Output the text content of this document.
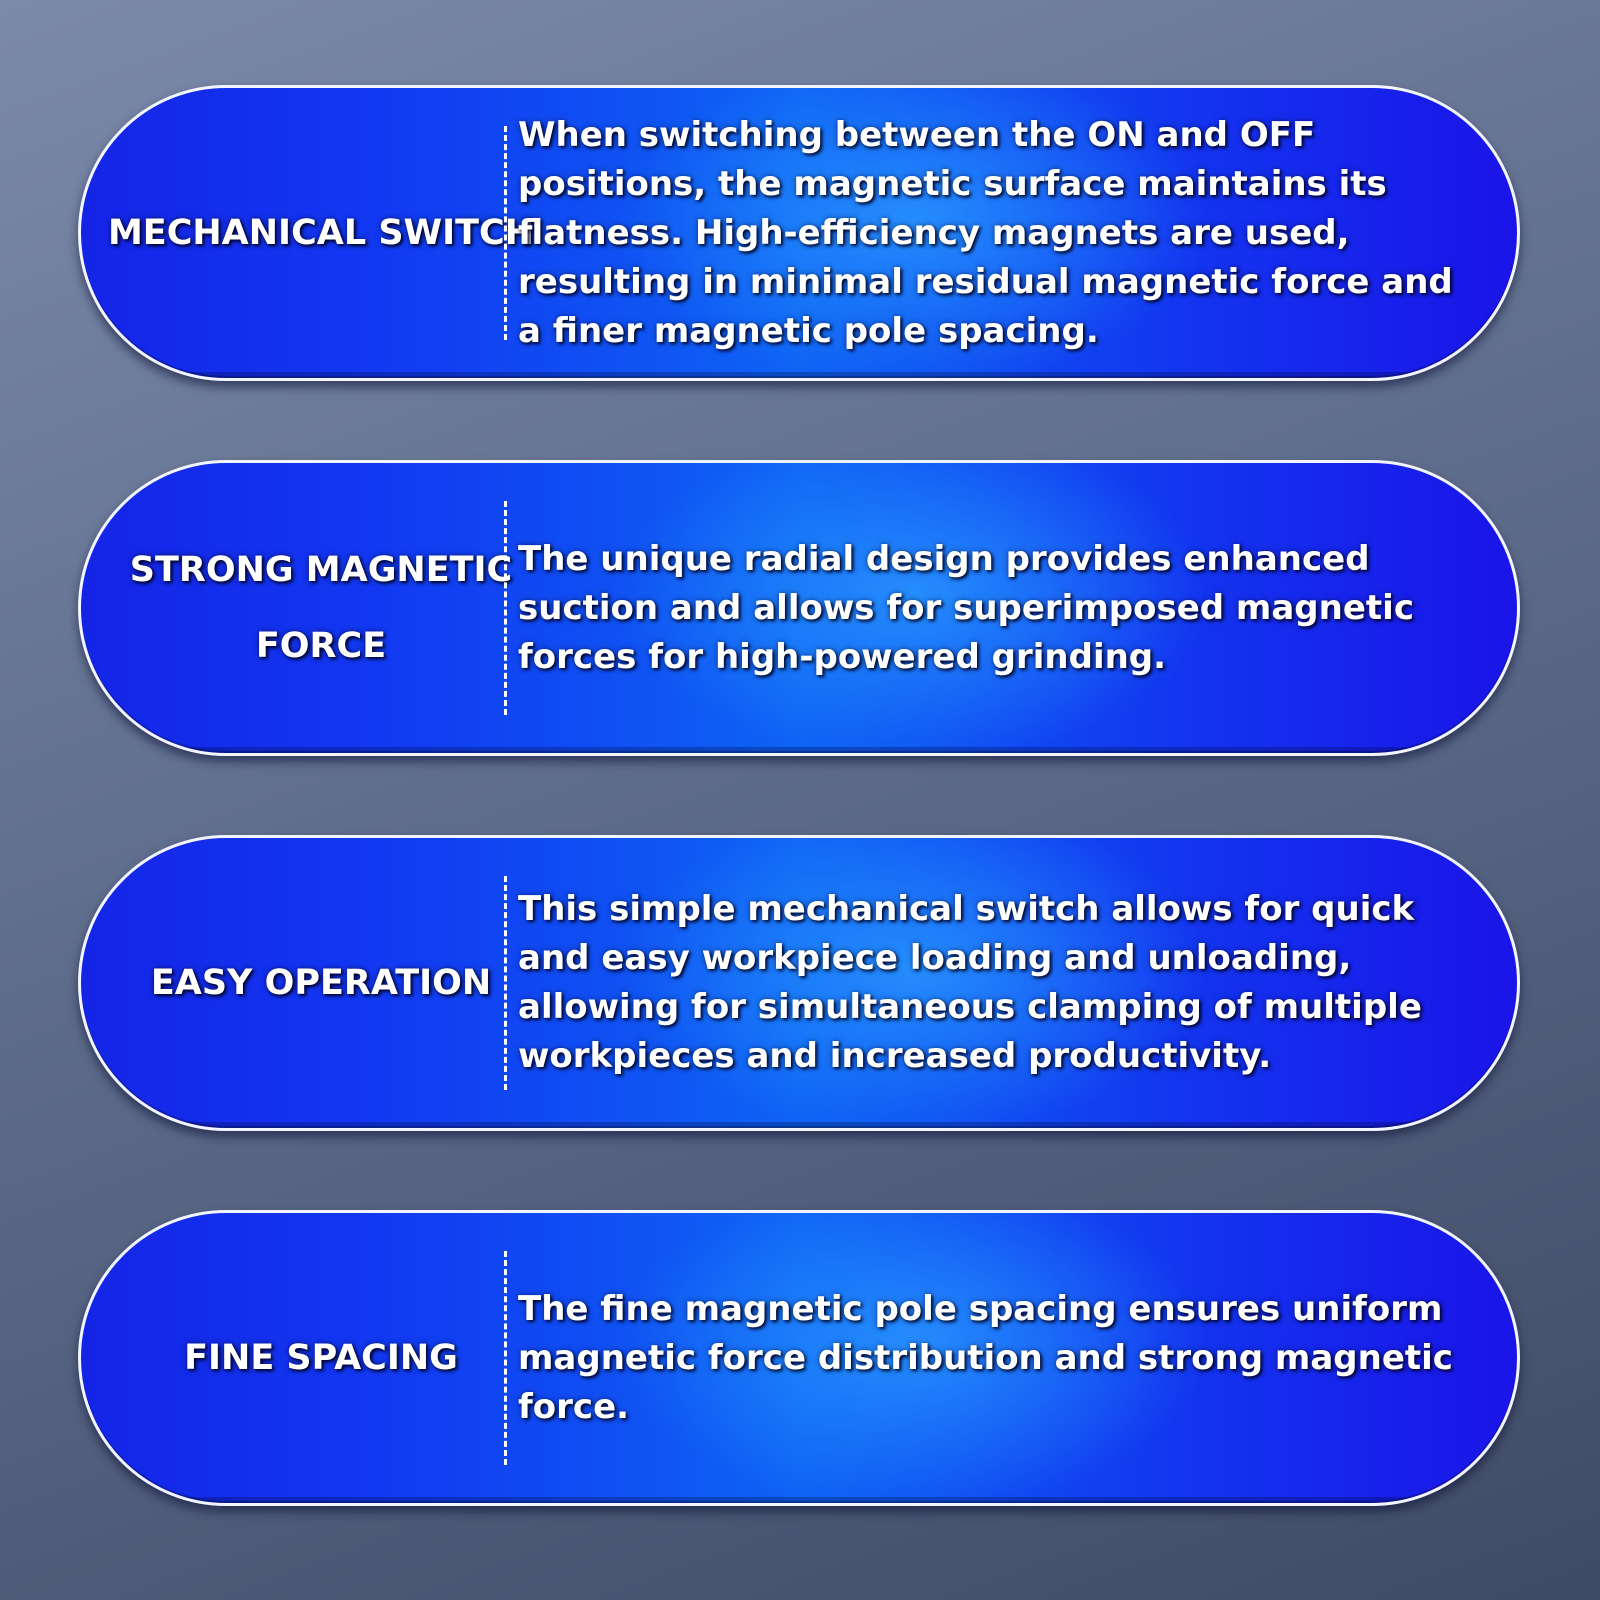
MECHANICAL SWITCH
When switching between the ON and OFF positions, the magnetic surface maintains its flatness. High-efficiency magnets are used, resulting in minimal residual magnetic force and a finer magnetic pole spacing.
STRONG MAGNETIC FORCE
The unique radial design provides enhanced suction and allows for superimposed magnetic forces for high-powered grinding.
EASY OPERATION
This simple mechanical switch allows for quick and easy workpiece loading and unloading, allowing for simultaneous clamping of multiple workpieces and increased productivity.
FINE SPACING
The fine magnetic pole spacing ensures uniform magnetic force distribution and strong magnetic force.
